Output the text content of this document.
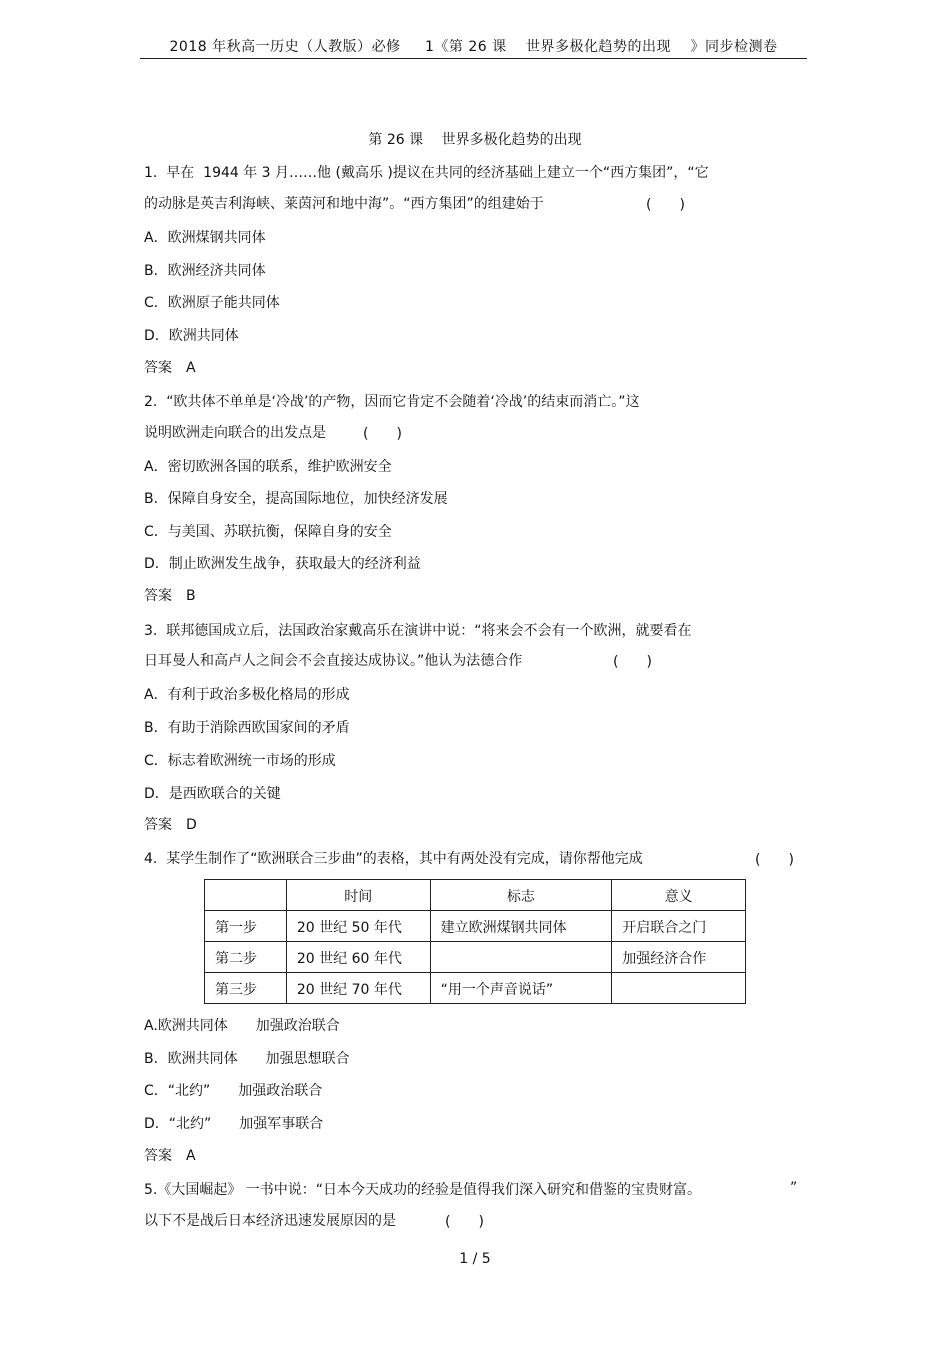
2018 年秋高一历史（人教版）必修 　 1《第 26 课　 世界多极化趋势的出现　 》同步检测卷
第 26 课　 世界多极化趋势的出现
1.  早在  1944 年 3 月……他 (戴高乐 )提议在共同的经济基础上建立一个“西方集团”，“它
的动脉是英吉利海峡、莱茵河和地中海”。“西方集团”的组建始于	(　　)
A．欧洲煤钢共同体
B．欧洲经济共同体
C．欧洲原子能共同体
D．欧洲共同体
答案　A
2.  “欧共体不单单是‘冷战’的产物，因而它肯定不会随着‘冷战’的结束而消亡。”这
说明欧洲走向联合的出发点是	(　　)
A．密切欧洲各国的联系，维护欧洲安全
B．保障自身安全，提高国际地位，加快经济发展
C．与美国、苏联抗衡，保障自身的安全
D．制止欧洲发生战争，获取最大的经济利益
答案　B
3.  联邦德国成立后，法国政治家戴高乐在演讲中说：“将来会不会有一个欧洲，就要看在
日耳曼人和高卢人之间会不会直接达成协议。”他认为法德合作	(　　)
A．有利于政治多极化格局的形成
B．有助于消除西欧国家间的矛盾
C．标志着欧洲统一市场的形成
D．是西欧联合的关键
答案　D
4.  某学生制作了“欧洲联合三步曲”的表格，其中有两处没有完成，请你帮他完成	(　　)
	时间	标志	意义
第一步	20 世纪 50 年代	建立欧洲煤钢共同体	开启联合之门
第二步	20 世纪 60 年代		加强经济合作
第三步	20 世纪 70 年代	“用一个声音说话”	
A.欧洲共同体　　加强政治联合
B．欧洲共同体　　加强思想联合
C．“北约”　　加强政治联合
D．“北约”　　加强军事联合
答案　A
5.《大国崛起》 一书中说：“日本今天成功的经验是值得我们深入研究和借鉴的宝贵财富。	”
以下不是战后日本经济迅速发展原因的是	(　　)
1 / 5
